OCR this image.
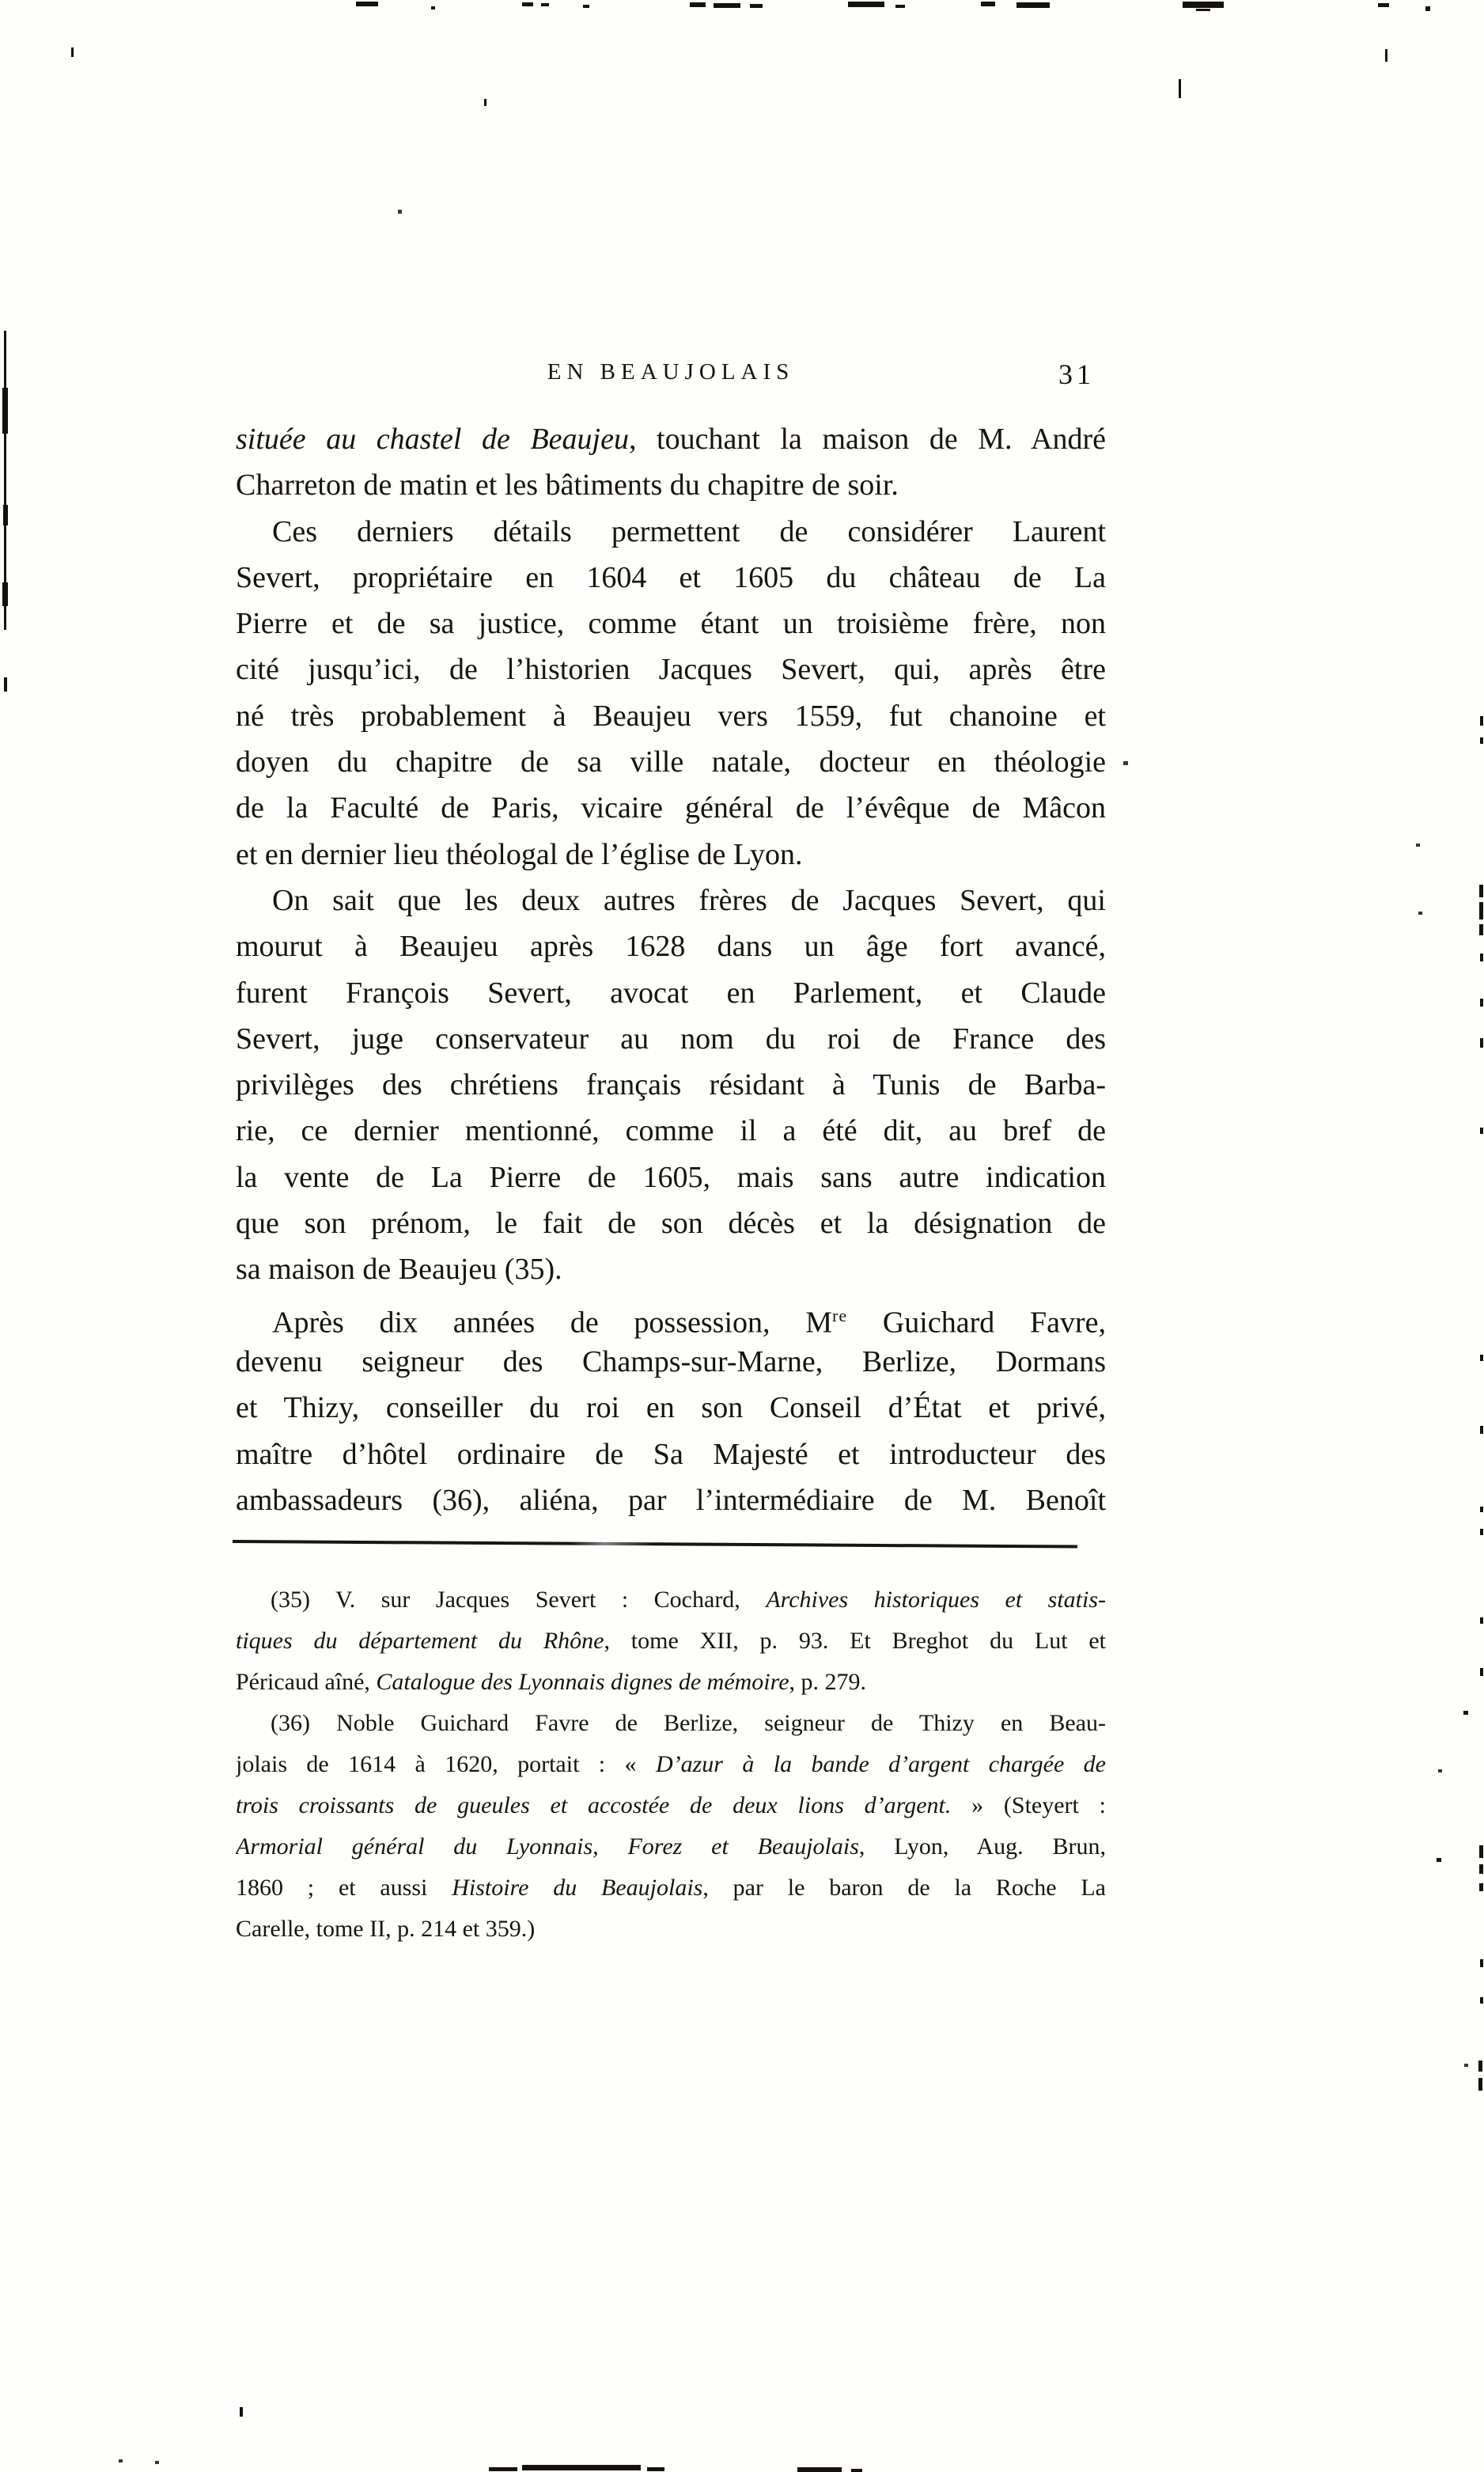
EN BEAUJOLAIS	31
située au chastel de Beaujeu, touchant la maison de M. André
Charreton de matin et les bâtiments du chapitre de soir.
Ces derniers détails permettent de considérer Laurent
Severt, propriétaire en 1604 et 1605 du château de La
Pierre et de sa justice, comme étant un troisième frère, non
cité jusqu’ici, de l’historien Jacques Severt, qui, après être
né très probablement à Beaujeu vers 1559, fut chanoine et
doyen du chapitre de sa ville natale, docteur en théologie
de la Faculté de Paris, vicaire général de l’évêque de Mâcon
et en dernier lieu théologal de l’église de Lyon.
On sait que les deux autres frères de Jacques Severt, qui
mourut à Beaujeu après 1628 dans un âge fort avancé,
furent François Severt, avocat en Parlement, et Claude
Severt, juge conservateur au nom du roi de France des
privilèges des chrétiens français résidant à Tunis de Barba-
rie, ce dernier mentionné, comme il a été dit, au bref de
la vente de La Pierre de 1605, mais sans autre indication
que son prénom, le fait de son décès et la désignation de
sa maison de Beaujeu (35).
Après dix années de possession, Mre Guichard Favre,
devenu seigneur des Champs-sur-Marne, Berlize, Dormans
et Thizy, conseiller du roi en son Conseil d’État et privé,
maître d’hôtel ordinaire de Sa Majesté et introducteur des
ambassadeurs (36), aliéna, par l’intermédiaire de M. Benoît
(35) V. sur Jacques Severt : Cochard, Archives historiques et statis-
tiques du département du Rhône, tome XII, p. 93. Et Breghot du Lut et
Péricaud aîné, Catalogue des Lyonnais dignes de mémoire, p. 279.
(36) Noble Guichard Favre de Berlize, seigneur de Thizy en Beau-
jolais de 1614 à 1620, portait : « D’azur à la bande d’argent chargée de
trois croissants de gueules et accostée de deux lions d’argent. » (Steyert :
Armorial général du Lyonnais, Forez et Beaujolais, Lyon, Aug. Brun,
1860 ; et aussi Histoire du Beaujolais, par le baron de la Roche La
Carelle, tome II, p. 214 et 359.)
